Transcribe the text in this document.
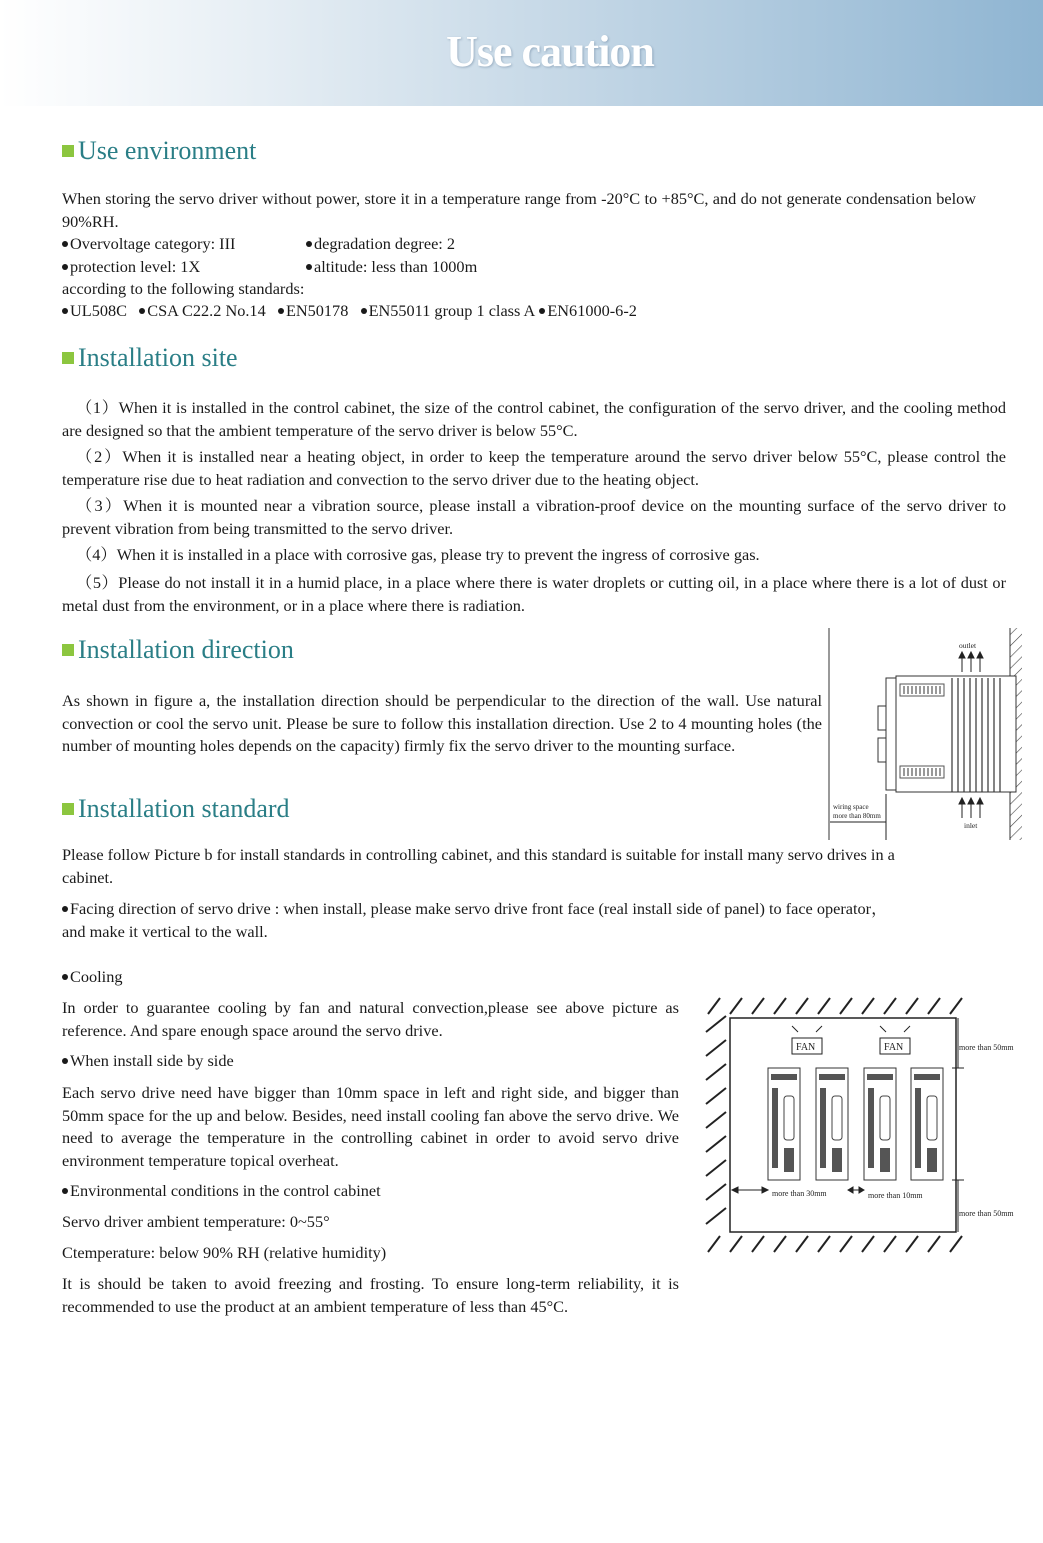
Use caution
Use environment

When storing the servo driver without power, store it in a temperature range from -20°C to +85°C, and do not generate condensation below 90%RH.

Overvoltage category: III	degradation degree: 2
protection level: 1X	altitude: less than 1000m

according to the following standards:

UL508C CSA C22.2 No.14 EN50178 EN55011 group 1 class A EN61000-6-2
Installation site

（1）When it is installed in the control cabinet, the size of the control cabinet, the configuration of the servo driver, and the cooling method are designed so that the ambient temperature of the servo driver is below 55°C.

（2）When it is installed near a heating object, in order to keep the temperature around the servo driver below 55°C, please control the temperature rise due to heat radiation and convection to the servo driver due to the heating object.

（3）When it is mounted near a vibration source, please install a vibration-proof device on the mounting surface of the servo driver to prevent vibration from being transmitted to the servo driver.

（4）When it is installed in a place with corrosive gas, please try to prevent the ingress of corrosive gas.

（5）Please do not install it in a humid place, in a place where there is water droplets or cutting oil, in a place where there is a lot of dust or metal dust from the environment, or in a place where there is radiation.

Installation direction

As shown in figure a, the installation direction should be perpendicular to the direction of the wall. Use natural convection or cool the servo unit. Please be sure to follow this installation direction. Use 2 to 4 mounting holes (the number of mounting holes depends on the capacity) firmly fix the servo driver to the mounting surface.

outlet
inlet
wiring space
more than 80mm
Installation standard

Please follow Picture b for install standards in controlling cabinet, and this standard is suitable for install many servo drives in a cabinet.

Facing direction of servo drive : when install, please make servo drive front face (real install side of panel) to face operator， and make it vertical to the wall.

Cooling

In order to guarantee cooling by fan and natural convection,please see above picture as reference. And spare enough space around the servo drive.

When install side by side

Each servo drive need have bigger than 10mm space in left and right side, and bigger than 50mm space for the up and below. Besides, need install cooling fan above the servo drive. We need to average the temperature in the controlling cabinet in order to avoid servo drive environment temperature topical overheat.

Environmental conditions in the control cabinet

Servo driver ambient temperature: 0~55°

Ctemperature: below 90% RH (relative humidity)

It is should be taken to avoid freezing and frosting. To ensure long-term reliability, it is recommended to use the product at an ambient temperature of less than 45°C.

FAN	FAN	more than 50mm
more than 50mm
more than 30mm	more than 10mm
